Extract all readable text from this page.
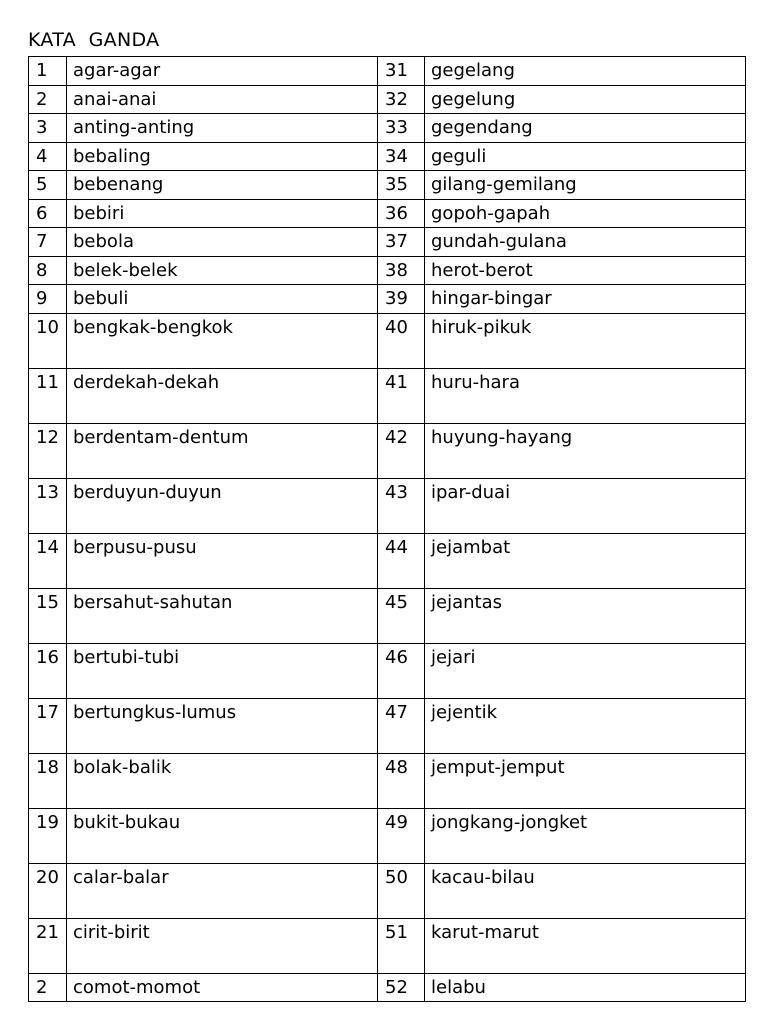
KATA  GANDA
1	agar-agar	31	gegelang

2	anai-anai	32	gegelung

3	anting-anting	33	gegendang

4	bebaling	34	geguli

5	bebenang	35	gilang-gemilang

6	bebiri	36	gopoh-gapah

7	bebola	37	gundah-gulana

8	belek-belek	38	herot-berot

9	bebuli	39	hingar-bingar

10	bengkak-bengkok	40	hiruk-pikuk

11	derdekah-dekah	41	huru-hara

12	berdentam-dentum	42	huyung-hayang

13	berduyun-duyun	43	ipar-duai

14	berpusu-pusu	44	jejambat

15	bersahut-sahutan	45	jejantas

16	bertubi-tubi	46	jejari

17	bertungkus-lumus	47	jejentik

18	bolak-balik	48	jemput-jemput

19	bukit-bukau	49	jongkang-jongket

20	calar-balar	50	kacau-bilau

21	cirit-birit	51	karut-marut

2	comot-momot	52	lelabu
